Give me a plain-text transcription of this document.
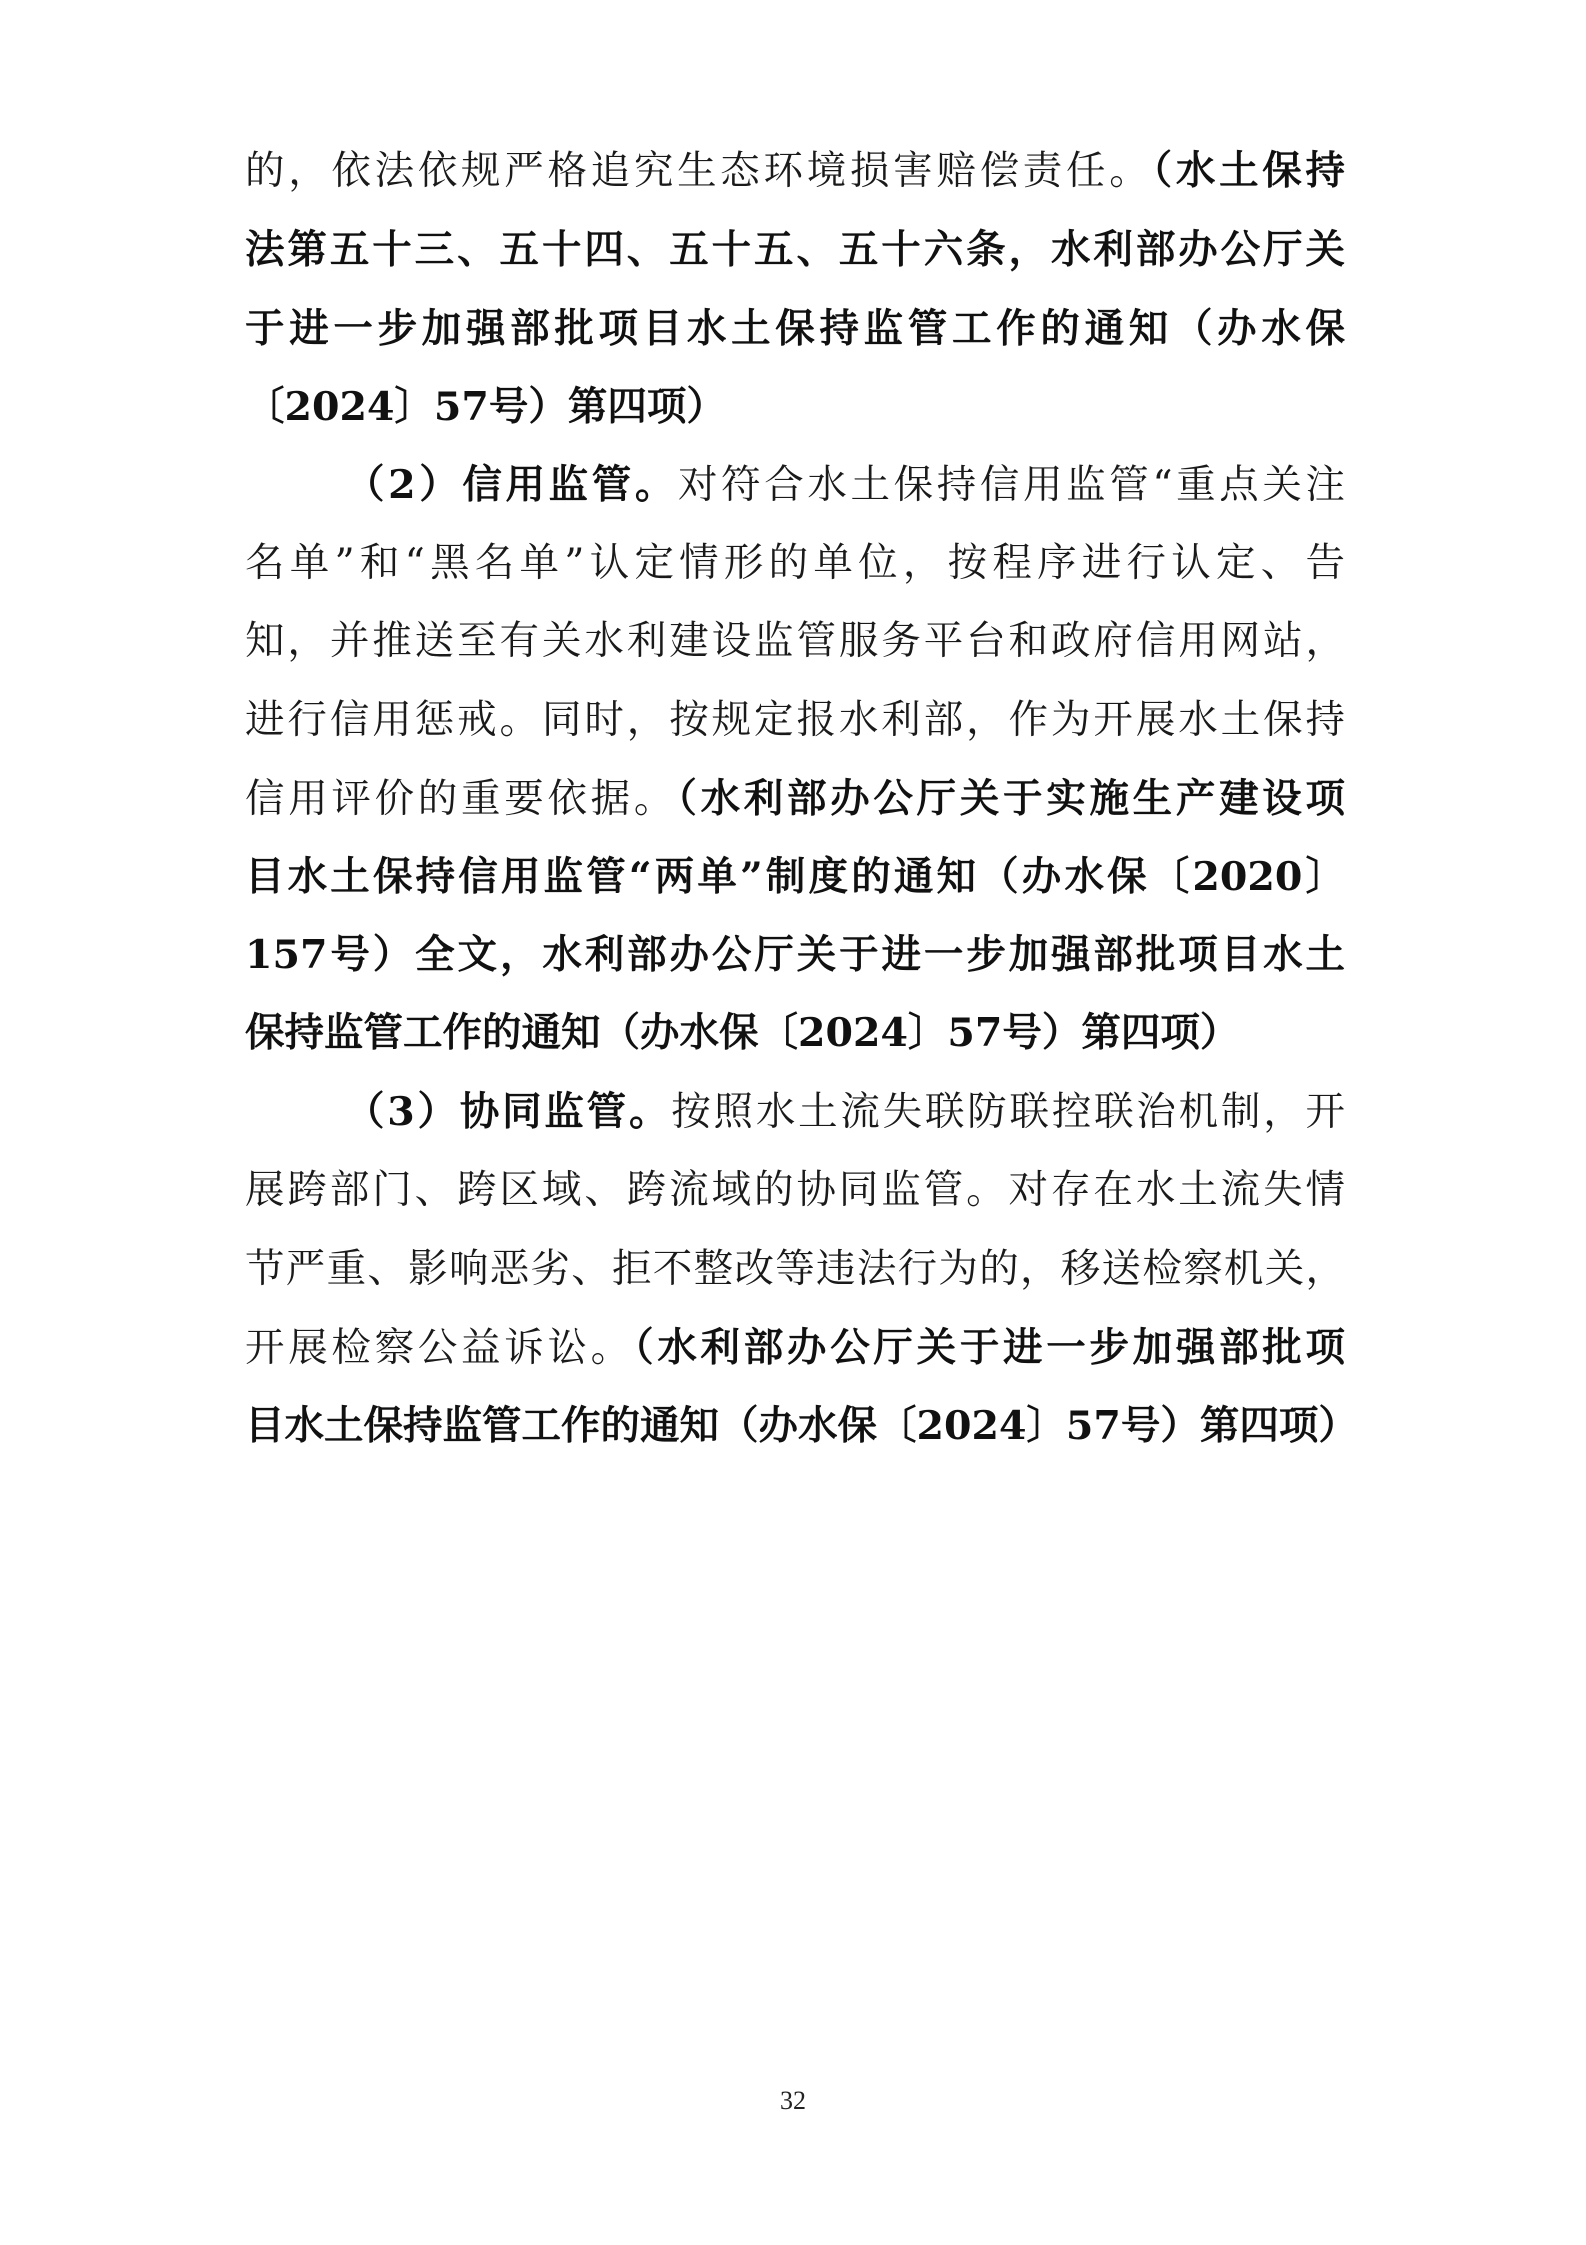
的，依法依规严格追究生态环境损害赔偿责任。（水土保持
法第五十三、五十四、五十五、五十六条，水利部办公厅关
于进一步加强部批项目水土保持监管工作的通知（办水保
〔2024〕57号）第四项）
（2）信用监管。对符合水土保持信用监管“重点关注
名单”和“黑名单”认定情形的单位，按程序进行认定、告
知，并推送至有关水利建设监管服务平台和政府信用网站，
进行信用惩戒。同时，按规定报水利部，作为开展水土保持
信用评价的重要依据。（水利部办公厅关于实施生产建设项
目水土保持信用监管“两单”制度的通知（办水保〔2020〕
157号）全文，水利部办公厅关于进一步加强部批项目水土
保持监管工作的通知（办水保〔2024〕57号）第四项）
（3）协同监管。按照水土流失联防联控联治机制，开
展跨部门、跨区域、跨流域的协同监管。对存在水土流失情
节严重、影响恶劣、拒不整改等违法行为的，移送检察机关，
开展检察公益诉讼。（水利部办公厅关于进一步加强部批项
目水土保持监管工作的通知（办水保〔2024〕57号）第四项）
32
